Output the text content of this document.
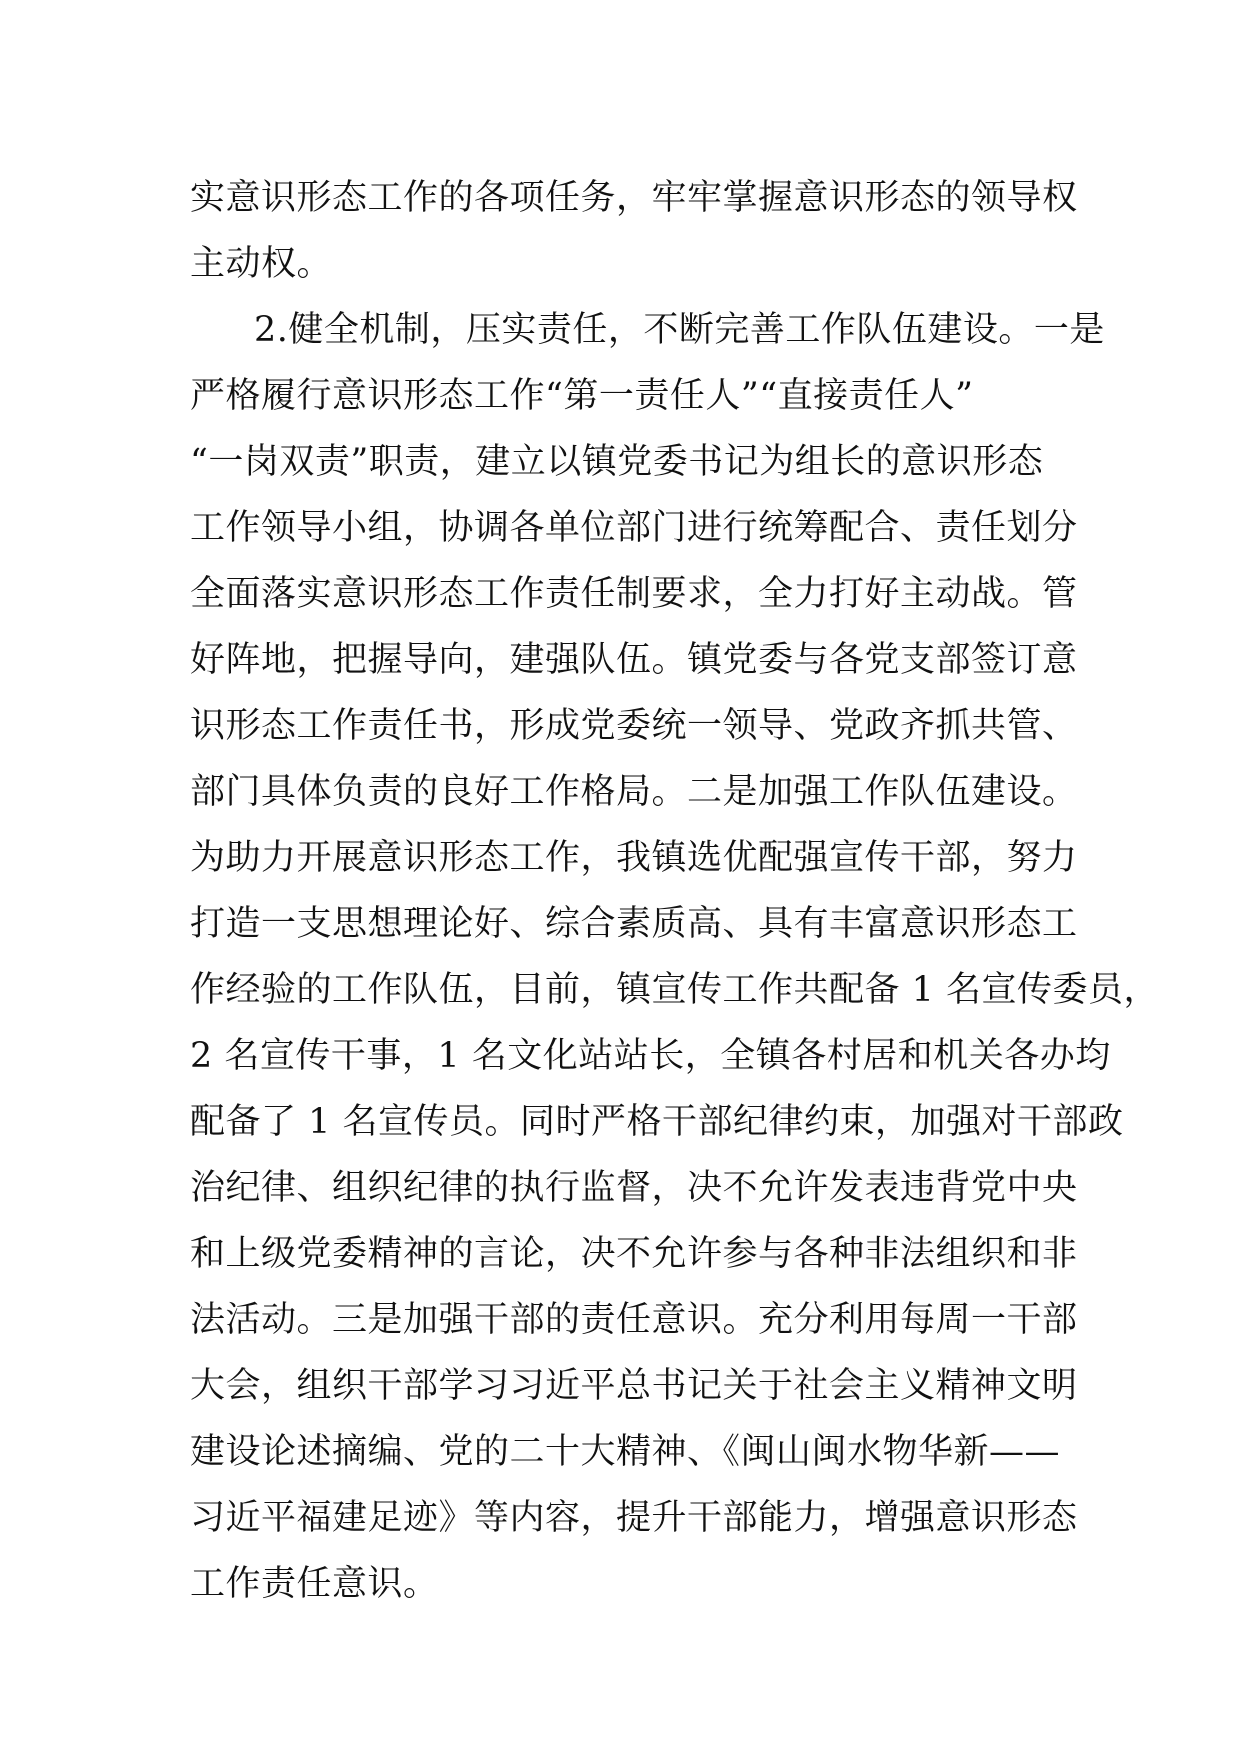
实意识形态工作的各项任务，牢牢掌握意识形态的领导权
主动权。
2.健全机制，压实责任，不断完善工作队伍建设。一是
严格履行意识形态工作“第一责任人”“直接责任人”
“一岗双责”职责，建立以镇党委书记为组长的意识形态
工作领导小组，协调各单位部门进行统筹配合、责任划分
全面落实意识形态工作责任制要求，全力打好主动战。管
好阵地，把握导向，建强队伍。镇党委与各党支部签订意
识形态工作责任书，形成党委统一领导、党政齐抓共管、
部门具体负责的良好工作格局。二是加强工作队伍建设。
为助力开展意识形态工作，我镇选优配强宣传干部，努力
打造一支思想理论好、综合素质高、具有丰富意识形态工
作经验的工作队伍，目前，镇宣传工作共配备 1 名宣传委员，
2 名宣传干事，1 名文化站站长，全镇各村居和机关各办均
配备了 1 名宣传员。同时严格干部纪律约束，加强对干部政
治纪律、组织纪律的执行监督，决不允许发表违背党中央
和上级党委精神的言论，决不允许参与各种非法组织和非
法活动。三是加强干部的责任意识。充分利用每周一干部
大会，组织干部学习习近平总书记关于社会主义精神文明
建设论述摘编、党的二十大精神、《闽山闽水物华新——
习近平福建足迹》等内容，提升干部能力，增强意识形态
工作责任意识。
